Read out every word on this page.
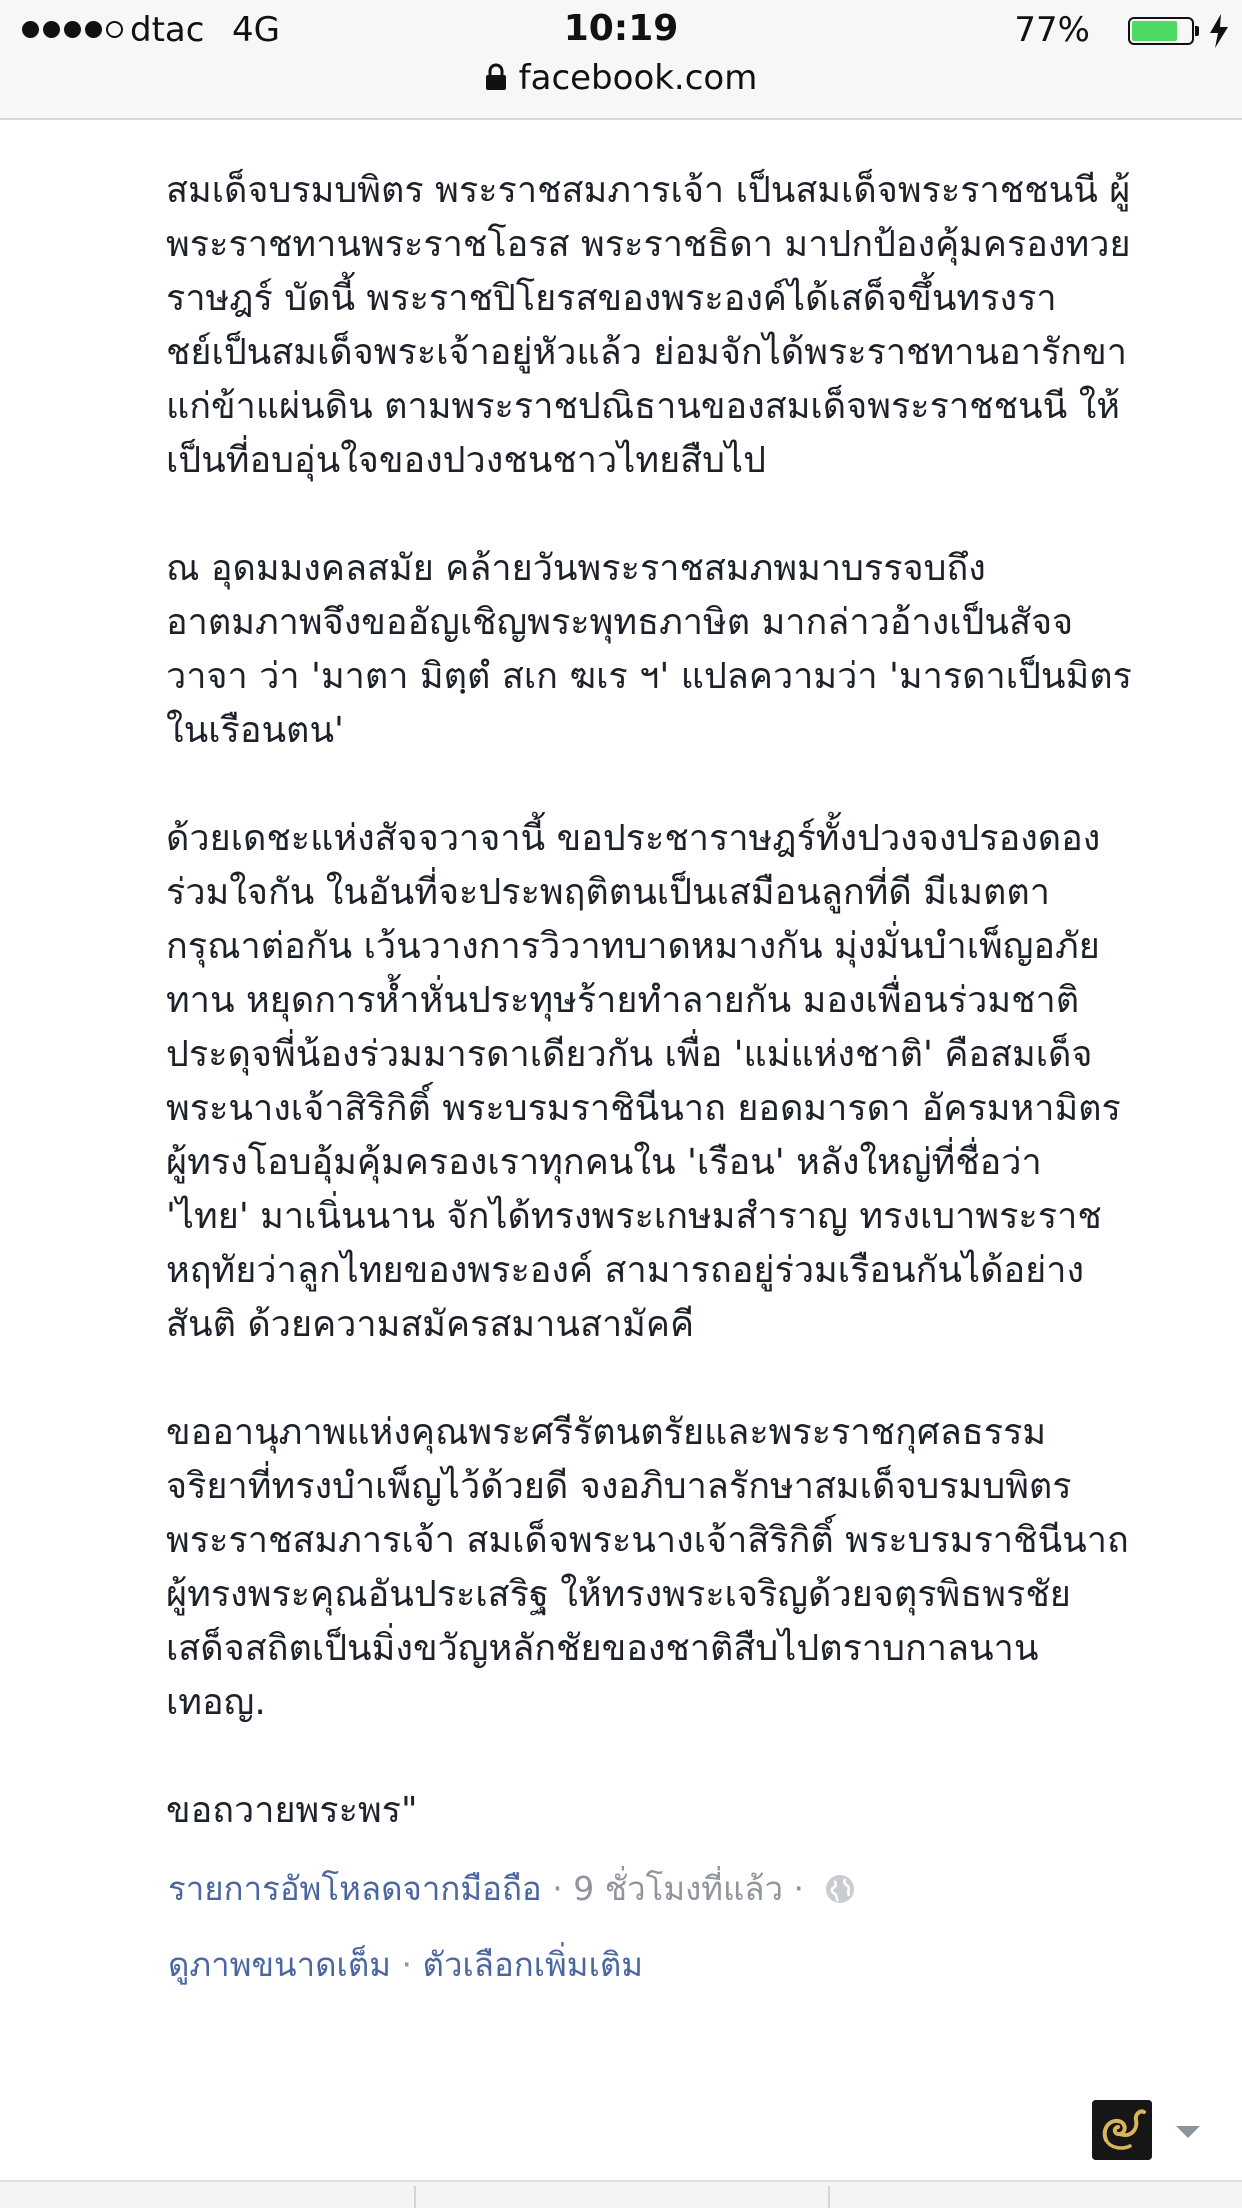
dtac 4G	10:19	77%
facebook.com

สมเด็จบรมบพิตร พระราชสมภารเจ้า เป็นสมเด็จพระราชชนนี ผู้
พระราชทานพระราชโอรส พระราชธิดา มาปกป้องคุ้มครองทวย
ราษฎร์ บัดนี้ พระราชปิโยรสของพระองค์ได้เสด็จขึ้นทรงรา
ชย์เป็นสมเด็จพระเจ้าอยู่หัวแล้ว ย่อมจักได้พระราชทานอารักขา
แก่ข้าแผ่นดิน ตามพระราชปณิธานของสมเด็จพระราชชนนี ให้
เป็นที่อบอุ่นใจของปวงชนชาวไทยสืบไป

ณ อุดมมงคลสมัย คล้ายวันพระราชสมภพมาบรรจบถึง
อาตมภาพจึงขออัญเชิญพระพุทธภาษิต มากล่าวอ้างเป็นสัจจ
วาจา ว่า 'มาตา มิตฺตํ สเก ฆเร ฯ' แปลความว่า 'มารดาเป็นมิตร
ในเรือนตน'

ด้วยเดชะแห่งสัจจวาจานี้ ขอประชาราษฎร์ทั้งปวงจงปรองดอง
ร่วมใจกัน ในอันที่จะประพฤติตนเป็นเสมือนลูกที่ดี มีเมตตา
กรุณาต่อกัน เว้นวางการวิวาทบาดหมางกัน มุ่งมั่นบำเพ็ญอภัย
ทาน หยุดการห้ำหั่นประทุษร้ายทำลายกัน มองเพื่อนร่วมชาติ
ประดุจพี่น้องร่วมมารดาเดียวกัน เพื่อ 'แม่แห่งชาติ' คือสมเด็จ
พระนางเจ้าสิริกิติ์ พระบรมราชินีนาถ ยอดมารดา อัครมหามิตร
ผู้ทรงโอบอุ้มคุ้มครองเราทุกคนใน 'เรือน' หลังใหญ่ที่ชื่อว่า
'ไทย' มาเนิ่นนาน จักได้ทรงพระเกษมสำราญ ทรงเบาพระราช
หฤทัยว่าลูกไทยของพระองค์ สามารถอยู่ร่วมเรือนกันได้อย่าง
สันติ ด้วยความสมัครสมานสามัคคี

ขออานุภาพแห่งคุณพระศรีรัตนตรัยและพระราชกุศลธรรม
จริยาที่ทรงบำเพ็ญไว้ด้วยดี จงอภิบาลรักษาสมเด็จบรมบพิตร
พระราชสมภารเจ้า สมเด็จพระนางเจ้าสิริกิติ์ พระบรมราชินีนาถ
ผู้ทรงพระคุณอันประเสริฐ ให้ทรงพระเจริญด้วยจตุรพิธพรชัย
เสด็จสถิตเป็นมิ่งขวัญหลักชัยของชาติสืบไปตราบกาลนาน
เทอญ.

ขอถวายพระพร"

รายการอัพโหลดจากมือถือ · 9 ชั่วโมงที่แล้ว ·
ดูภาพขนาดเต็ม · ตัวเลือกเพิ่มเติม
